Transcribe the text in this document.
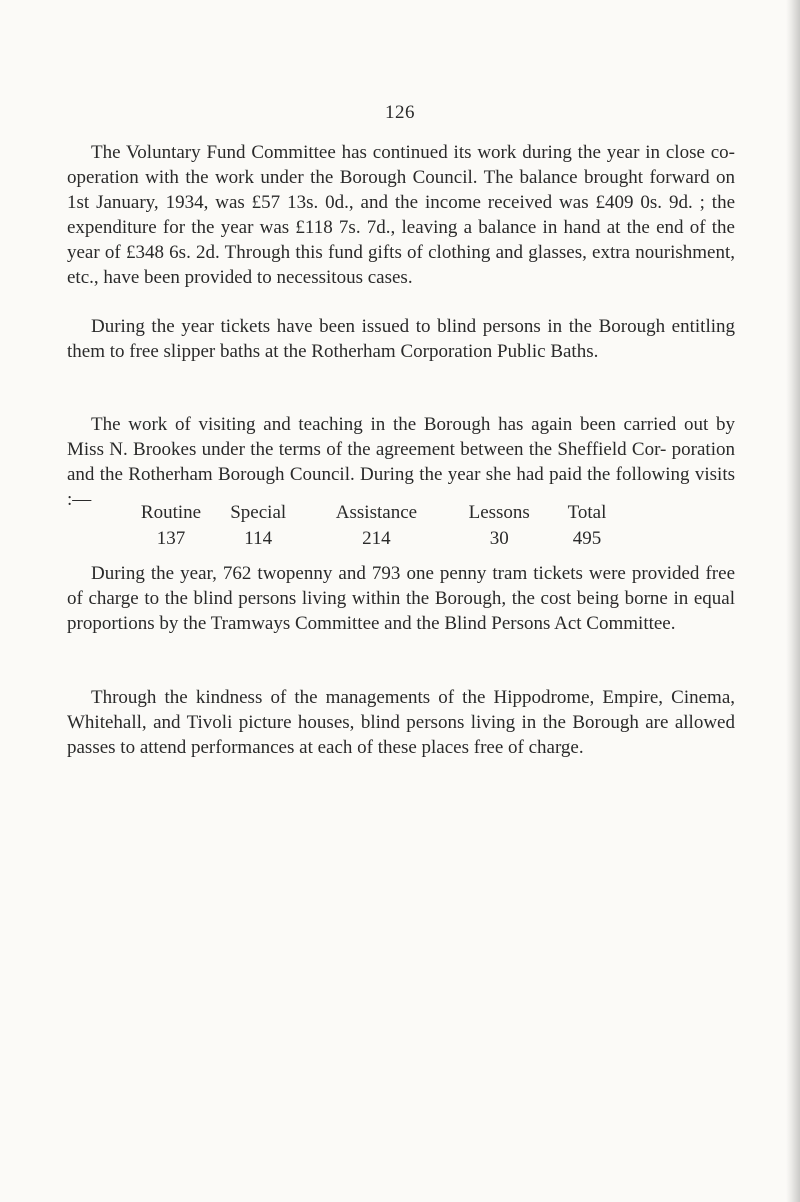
126

The Voluntary Fund Committee has continued its work during the year in close co-operation with the work under the Borough Council. The balance brought forward on 1st January, 1934, was £57 13s. 0d., and the income received was £409 0s. 9d. ; the expenditure for the year was £118 7s. 7d., leaving a balance in hand at the end of the year of £348 6s. 2d. Through this fund gifts of clothing and glasses, extra nourishment, etc., have been provided to necessitous cases.

During the year tickets have been issued to blind persons in the Borough entitling them to free slipper baths at the Rotherham Corporation Public Baths.

The work of visiting and teaching in the Borough has again been carried out by Miss N. Brookes under the terms of the agreement between the Sheffield Cor- poration and the Rotherham Borough Council. During the year she had paid the following visits :—

Routine	Special	Assistance	Lessons	Total
137	114	214	30	495

During the year, 762 twopenny and 793 one penny tram tickets were provided free of charge to the blind persons living within the Borough, the cost being borne in equal proportions by the Tramways Committee and the Blind Persons Act Committee.

Through the kindness of the managements of the Hippodrome, Empire, Cinema, Whitehall, and Tivoli picture houses, blind persons living in the Borough are allowed passes to attend performances at each of these places free of charge.
